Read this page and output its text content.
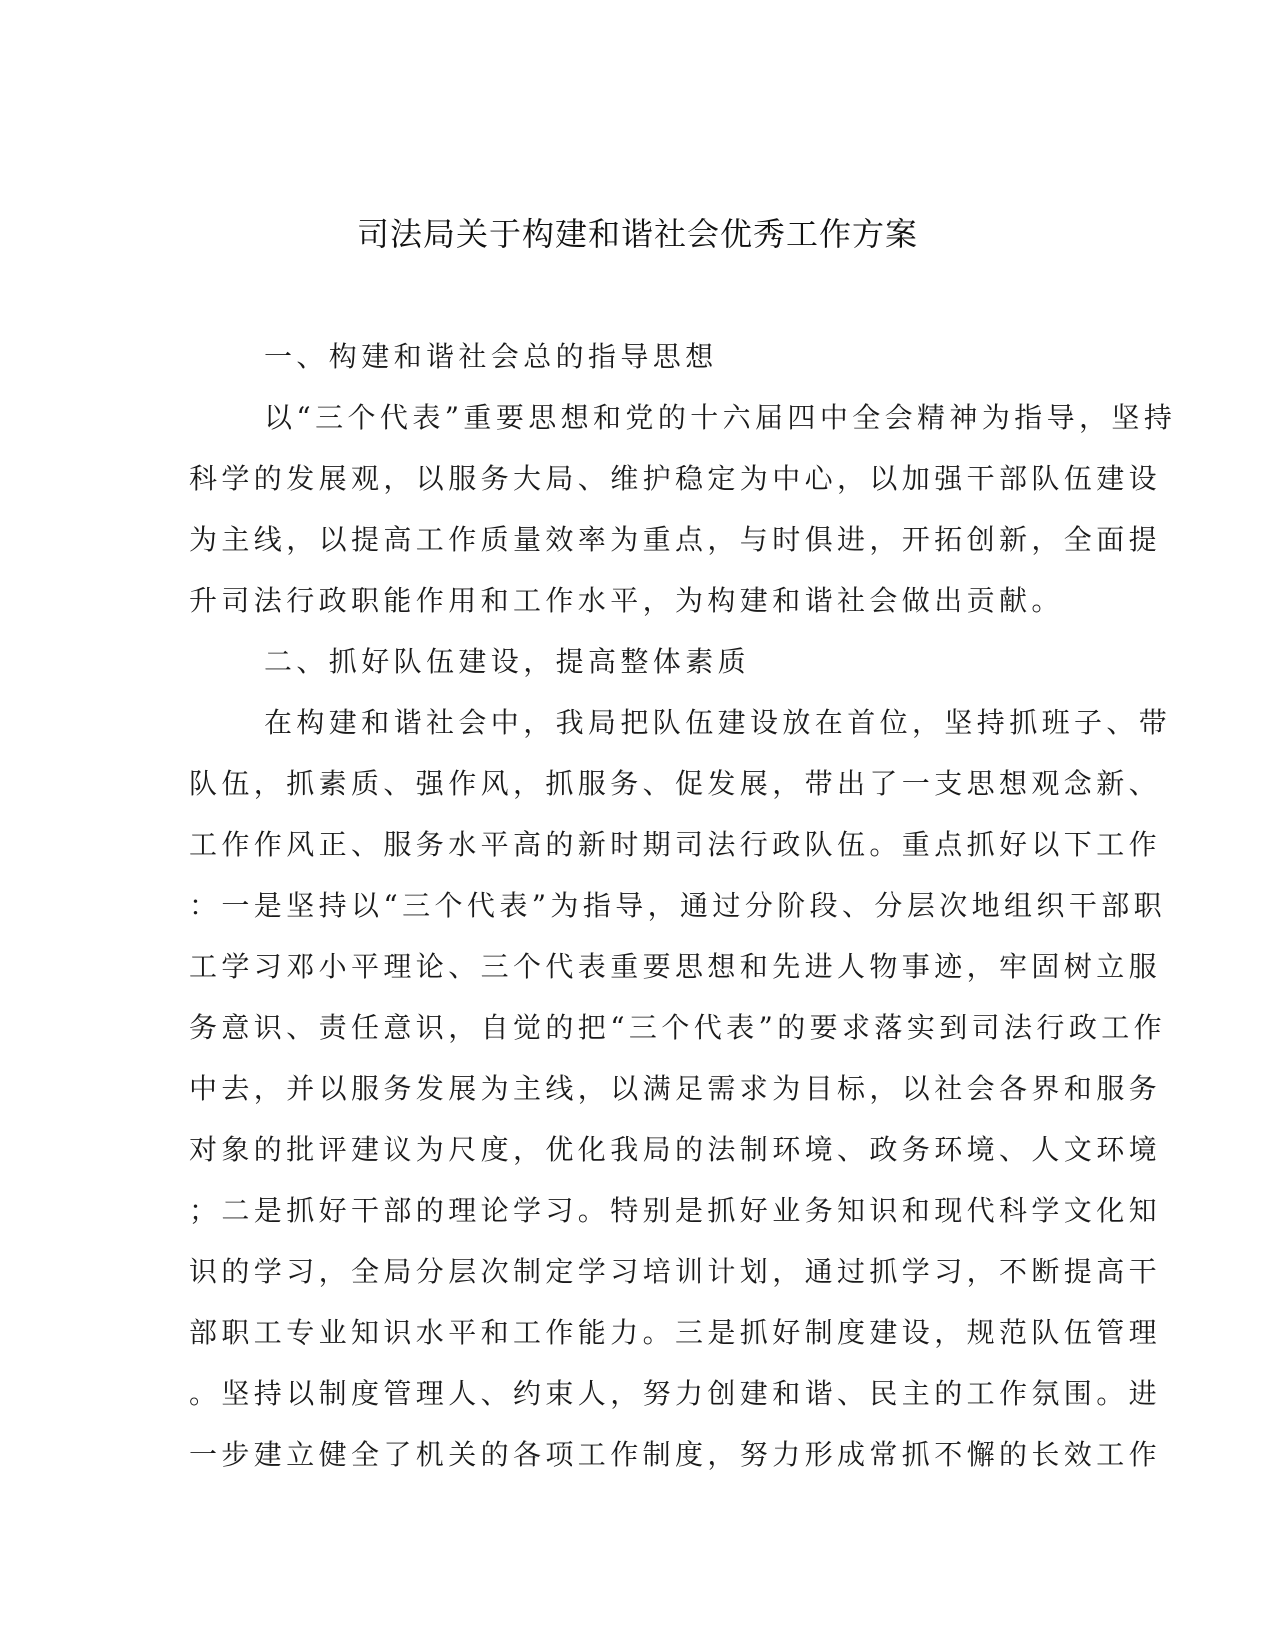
司法局关于构建和谐社会优秀工作方案
一、构建和谐社会总的指导思想
以“三个代表”重要思想和党的十六届四中全会精神为指导，坚持
科学的发展观，以服务大局、维护稳定为中心，以加强干部队伍建设
为主线，以提高工作质量效率为重点，与时俱进，开拓创新，全面提
升司法行政职能作用和工作水平，为构建和谐社会做出贡献。
二、抓好队伍建设，提高整体素质
在构建和谐社会中，我局把队伍建设放在首位，坚持抓班子、带
队伍，抓素质、强作风，抓服务、促发展，带出了一支思想观念新、
工作作风正、服务水平高的新时期司法行政队伍。重点抓好以下工作
：一是坚持以“三个代表”为指导，通过分阶段、分层次地组织干部职
工学习邓小平理论、三个代表重要思想和先进人物事迹，牢固树立服
务意识、责任意识，自觉的把“三个代表”的要求落实到司法行政工作
中去，并以服务发展为主线，以满足需求为目标，以社会各界和服务
对象的批评建议为尺度，优化我局的法制环境、政务环境、人文环境
；二是抓好干部的理论学习。特别是抓好业务知识和现代科学文化知
识的学习，全局分层次制定学习培训计划，通过抓学习，不断提高干
部职工专业知识水平和工作能力。三是抓好制度建设，规范队伍管理
。坚持以制度管理人、约束人，努力创建和谐、民主的工作氛围。进
一步建立健全了机关的各项工作制度，努力形成常抓不懈的长效工作
